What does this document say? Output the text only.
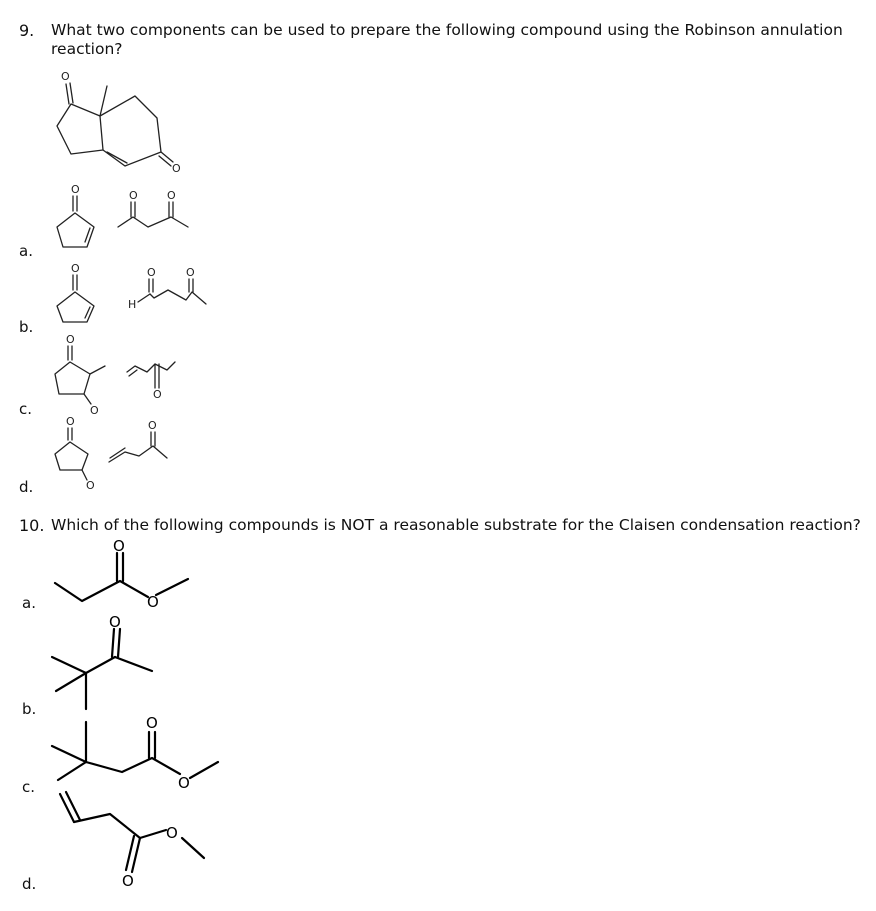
9. What two components can be used to prepare the following compound using the Robinson annulation reaction?
O
O
a.
O	O	O
b.
O
H
O	O
c.
O
O
O
d.
O
O
O
10. Which of the following compounds is NOT a reasonable substrate for the Claisen condensation reaction?
a.
O
O
b.
O
c.
O
O
d.
O
O
